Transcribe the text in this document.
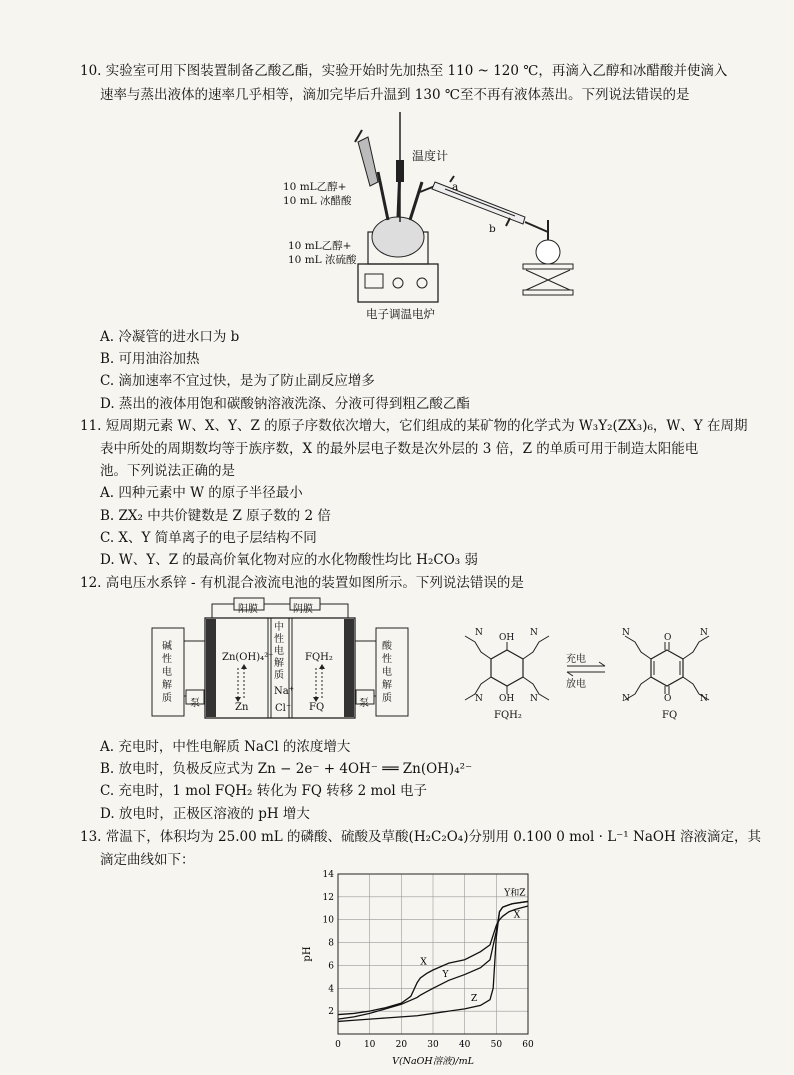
10. 实验室可用下图装置制备乙酸乙酯，实验开始时先加热至 110 ~ 120 ℃，再滴入乙醇和冰醋酸并使滴入
速率与蒸出液体的速率几乎相等，滴加完毕后升温到 130 ℃至不再有液体蒸出。下列说法错误的是
温度计
10 mL乙醇+
10 mL 冰醋酸
10 mL乙醇+
10 mL 浓硫酸
a
b
电子调温电炉
A. 冷凝管的进水口为 b
B. 可用油浴加热
C. 滴加速率不宜过快，是为了防止副反应增多
D. 蒸出的液体用饱和碳酸钠溶液洗涤、分液可得到粗乙酸乙酯
11. 短周期元素 W、X、Y、Z 的原子序数依次增大，它们组成的某矿物的化学式为 W₃Y₂(ZX₃)₆，W、Y 在周期
表中所处的周期数均等于族序数，X 的最外层电子数是次外层的 3 倍，Z 的单质可用于制造太阳能电
池。下列说法正确的是
A. 四种元素中 W 的原子半径最小
B. ZX₂ 中共价键数是 Z 原子数的 2 倍
C. X、Y 简单离子的电子层结构不同
D. W、Y、Z 的最高价氧化物对应的水化物酸性均比 H₂CO₃ 弱
12. 高电压水系锌 - 有机混合液流电池的装置如图所示。下列说法错误的是
阳膜	阴膜
碱
性
电
解
质
中
性
电
解
质
酸
性
电
解
质
Zn(OH)₄²⁻
Zn
FQH₂
FQ
Na⁺
Cl⁻
泵	泵
OH
OH
N	N
N	N
O
O
N	N
N	N
充电
放电
FQH₂	FQ
A. 充电时，中性电解质 NaCl 的浓度增大
B. 放电时，负极反应式为 Zn − 2e⁻ + 4OH⁻ ══ Zn(OH)₄²⁻
C. 充电时，1 mol FQH₂ 转化为 FQ 转移 2 mol 电子
D. 放电时，正极区溶液的 pH 增大
13. 常温下，体积均为 25.00 mL 的磷酸、硫酸及草酸(H₂C₂O₄)分别用 0.100 0 mol · L⁻¹ NaOH 溶液滴定，其
滴定曲线如下：
0	10 20 30 40 50 60
2
4
6
8
10
12
14
V(NaOH溶液)/mL
pH
X
Y
Z
X
Y和Z
